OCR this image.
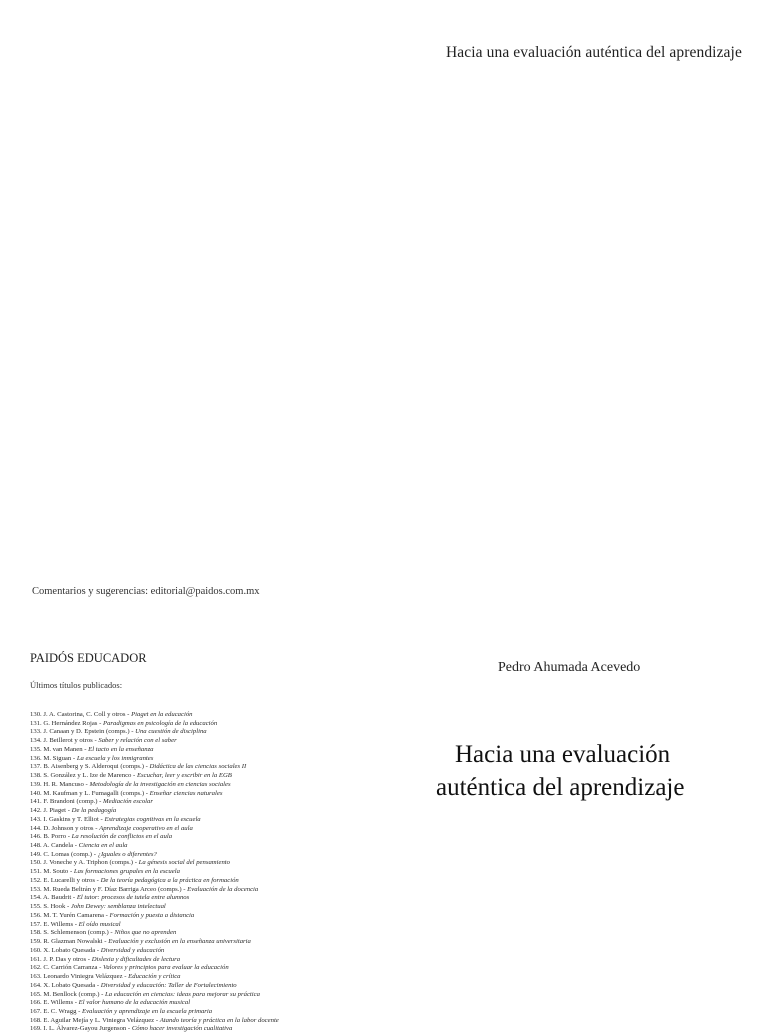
Hacia una evaluación auténtica del aprendizaje
Comentarios y sugerencias: editorial@paidos.com.mx
PAIDÓS EDUCADOR
Últimos títulos publicados:
130. J. A. Castorina, C. Coll y otros - Piaget en la educación
131. G. Hernández Rojas - Paradigmas en psicología de la educación
133. J. Canaan y D. Epstein (comps.) - Una cuestión de disciplina
134. J. Beillerot y otros - Saber y relación con el saber
135. M. van Manen - El tacto en la enseñanza
136. M. Siguan - La escuela y los inmigrantes
137. B. Aisenberg y S. Alderoqui (comps.) - Didáctica de las ciencias sociales II
138. S. González y L. Ize de Marenco - Escuchar, leer y escribir en la EGB
139. H. R. Mancuso - Metodología de la investigación en ciencias sociales
140. M. Kaufman y L. Fumagalli (comps.) - Enseñar ciencias naturales
141. F. Brandoni (comp.) - Mediación escolar
142. J. Piaget - De la pedagogía
143. I. Gaskins y T. Elliot - Estrategias cognitivas en la escuela
144. D. Johnson y otros - Aprendizaje cooperativo en el aula
146. B. Porro - La resolución de conflictos en el aula
148. A. Candela - Ciencia en el aula
149. C. Lomas (comp.) - ¿Iguales o diferentes?
150. J. Voneche y A. Triphon (comps.) - La génesis social del pensamiento
151. M. Souto - Las formaciones grupales en la escuela
152. E. Lucarelli y otros - De la teoría pedagógica a la práctica en formación
153. M. Rueda Beltrán y F. Díaz Barriga Arceo (comps.) - Evaluación de la docencia
154. A. Baudrit - El tutor: procesos de tutela entre alumnos
155. S. Hook - John Dewey: semblanza intelectual
156. M. T. Yurén Camarena - Formación y puesta a distancia
157. E. Willems - El oído musical
158. S. Schlemenson (comp.) - Niños que no aprenden
159. R. Glazman Nowalski - Evaluación y exclusión en la enseñanza universitaria
160. X. Lobato Quesada - Diversidad y educación
161. J. P. Das y otros - Dislexia y dificultades de lectura
162. C. Carrión Carranza - Valores y principios para evaluar la educación
163. Leonardo Viniegra Velázquez - Educación y crítica
164. X. Lobato Quesada - Diversidad y educación: Taller de Fortalecimiento
165. M. Benllock (comp.) - La educación en ciencias: ideas para mejorar su práctica
166. E. Willems - El valor humano de la educación musical
167. E. C. Wragg - Evaluación y aprendizaje en la escuela primaria
168. E. Aguilar Mejía y L. Viniegra Velázquez - Atando teoría y práctica en la labor docente
169. I. L. Álvarez-Gayou Jurgenson - Cómo hacer investigación cualitativa
Pedro Ahumada Acevedo
Hacia una evaluación
auténtica del aprendizaje
